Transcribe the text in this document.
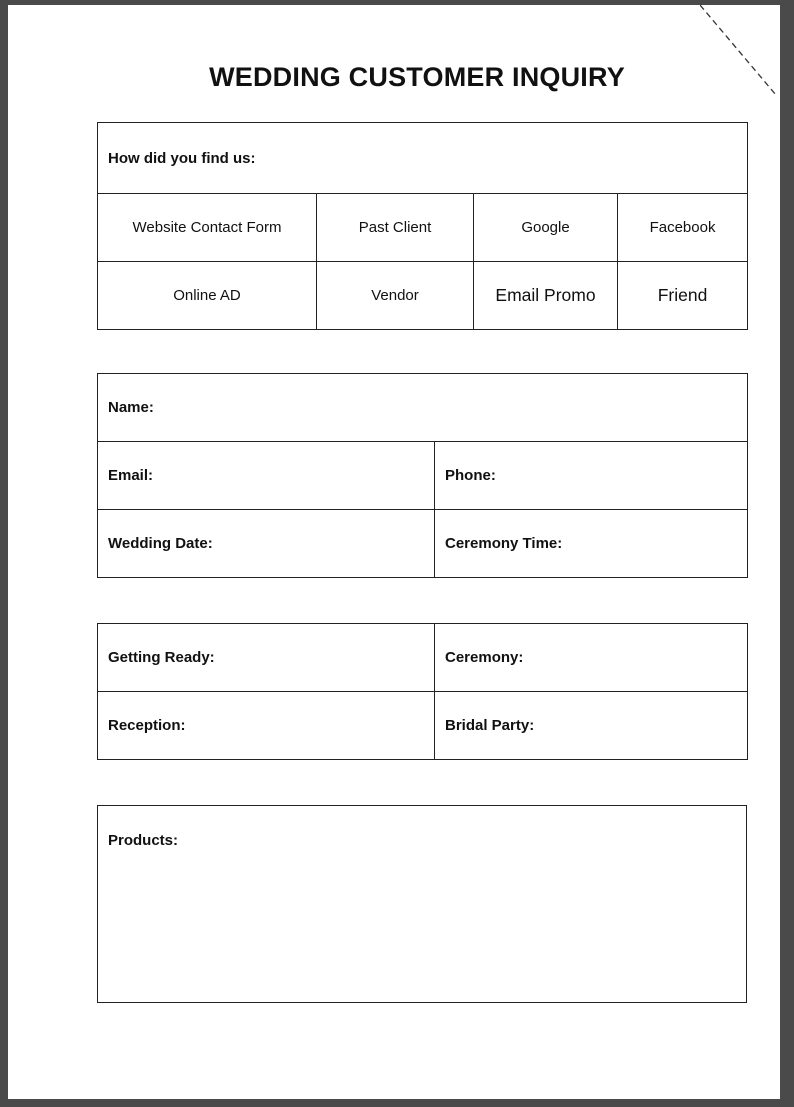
WEDDING CUSTOMER INQUIRY
How did you find us:			
Website Contact Form	Past Client	Google	Facebook
Online AD	Vendor	Email Promo	Friend
Name:	
Email:	Phone:
Wedding Date:	Ceremony Time:
Getting Ready:	Ceremony:
Reception:	Bridal Party:
Products:
